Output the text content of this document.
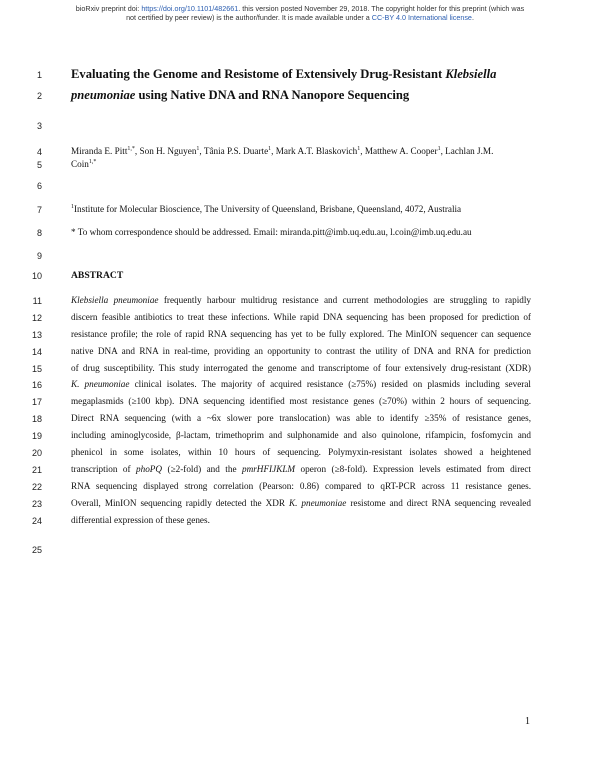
bioRxiv preprint doi: https://doi.org/10.1101/482661. this version posted November 29, 2018. The copyright holder for this preprint (which was
not certified by peer review) is the author/funder. It is made available under a CC-BY 4.0 International license.
1
2
3
4
5
6
7
8
9
10
11
12
13
14
15
16
17
18
19
20
21
22
23
24
25
Evaluating the Genome and Resistome of Extensively Drug-Resistant Klebsiella
pneumoniae using Native DNA and RNA Nanopore Sequencing
Miranda E. Pitt$^{1,*}$, Son H. Nguyen$^1$, Tânia P.S. Duarte$^1$, Mark A.T. Blaskovich$^1$, Matthew A. Cooper$^1$, Lachlan J.M.
Coin$^{1,*}$
$^1$Institute for Molecular Bioscience, The University of Queensland, Brisbane, Queensland, 4072, Australia
* To whom correspondence should be addressed. Email: miranda.pitt@imb.uq.edu.au, l.coin@imb.uq.edu.au
ABSTRACT
Klebsiella pneumoniae frequently harbour multidrug resistance and current methodologies are struggling to rapidly
discern feasible antibiotics to treat these infections. While rapid DNA sequencing has been proposed for prediction of
resistance profile; the role of rapid RNA sequencing has yet to be fully explored. The MinION sequencer can sequence
native DNA and RNA in real-time, providing an opportunity to contrast the utility of DNA and RNA for prediction
of drug susceptibility. This study interrogated the genome and transcriptome of four extensively drug-resistant (XDR)
K. pneumoniae clinical isolates. The majority of acquired resistance (≥75%) resided on plasmids including several
megaplasmids (≥100 kbp). DNA sequencing identified most resistance genes (≥70%) within 2 hours of sequencing.
Direct RNA sequencing (with a ~6x slower pore translocation) was able to identify ≥35% of resistance genes,
including aminoglycoside, β-lactam, trimethoprim and sulphonamide and also quinolone, rifampicin, fosfomycin and
phenicol in some isolates, within 10 hours of sequencing. Polymyxin-resistant isolates showed a heightened
transcription of phoPQ (≥2-fold) and the pmrHFIJKLM operon (≥8-fold). Expression levels estimated from direct
RNA sequencing displayed strong correlation (Pearson: 0.86) compared to qRT-PCR across 11 resistance genes.
Overall, MinION sequencing rapidly detected the XDR K. pneumoniae resistome and direct RNA sequencing revealed
differential expression of these genes.
1
